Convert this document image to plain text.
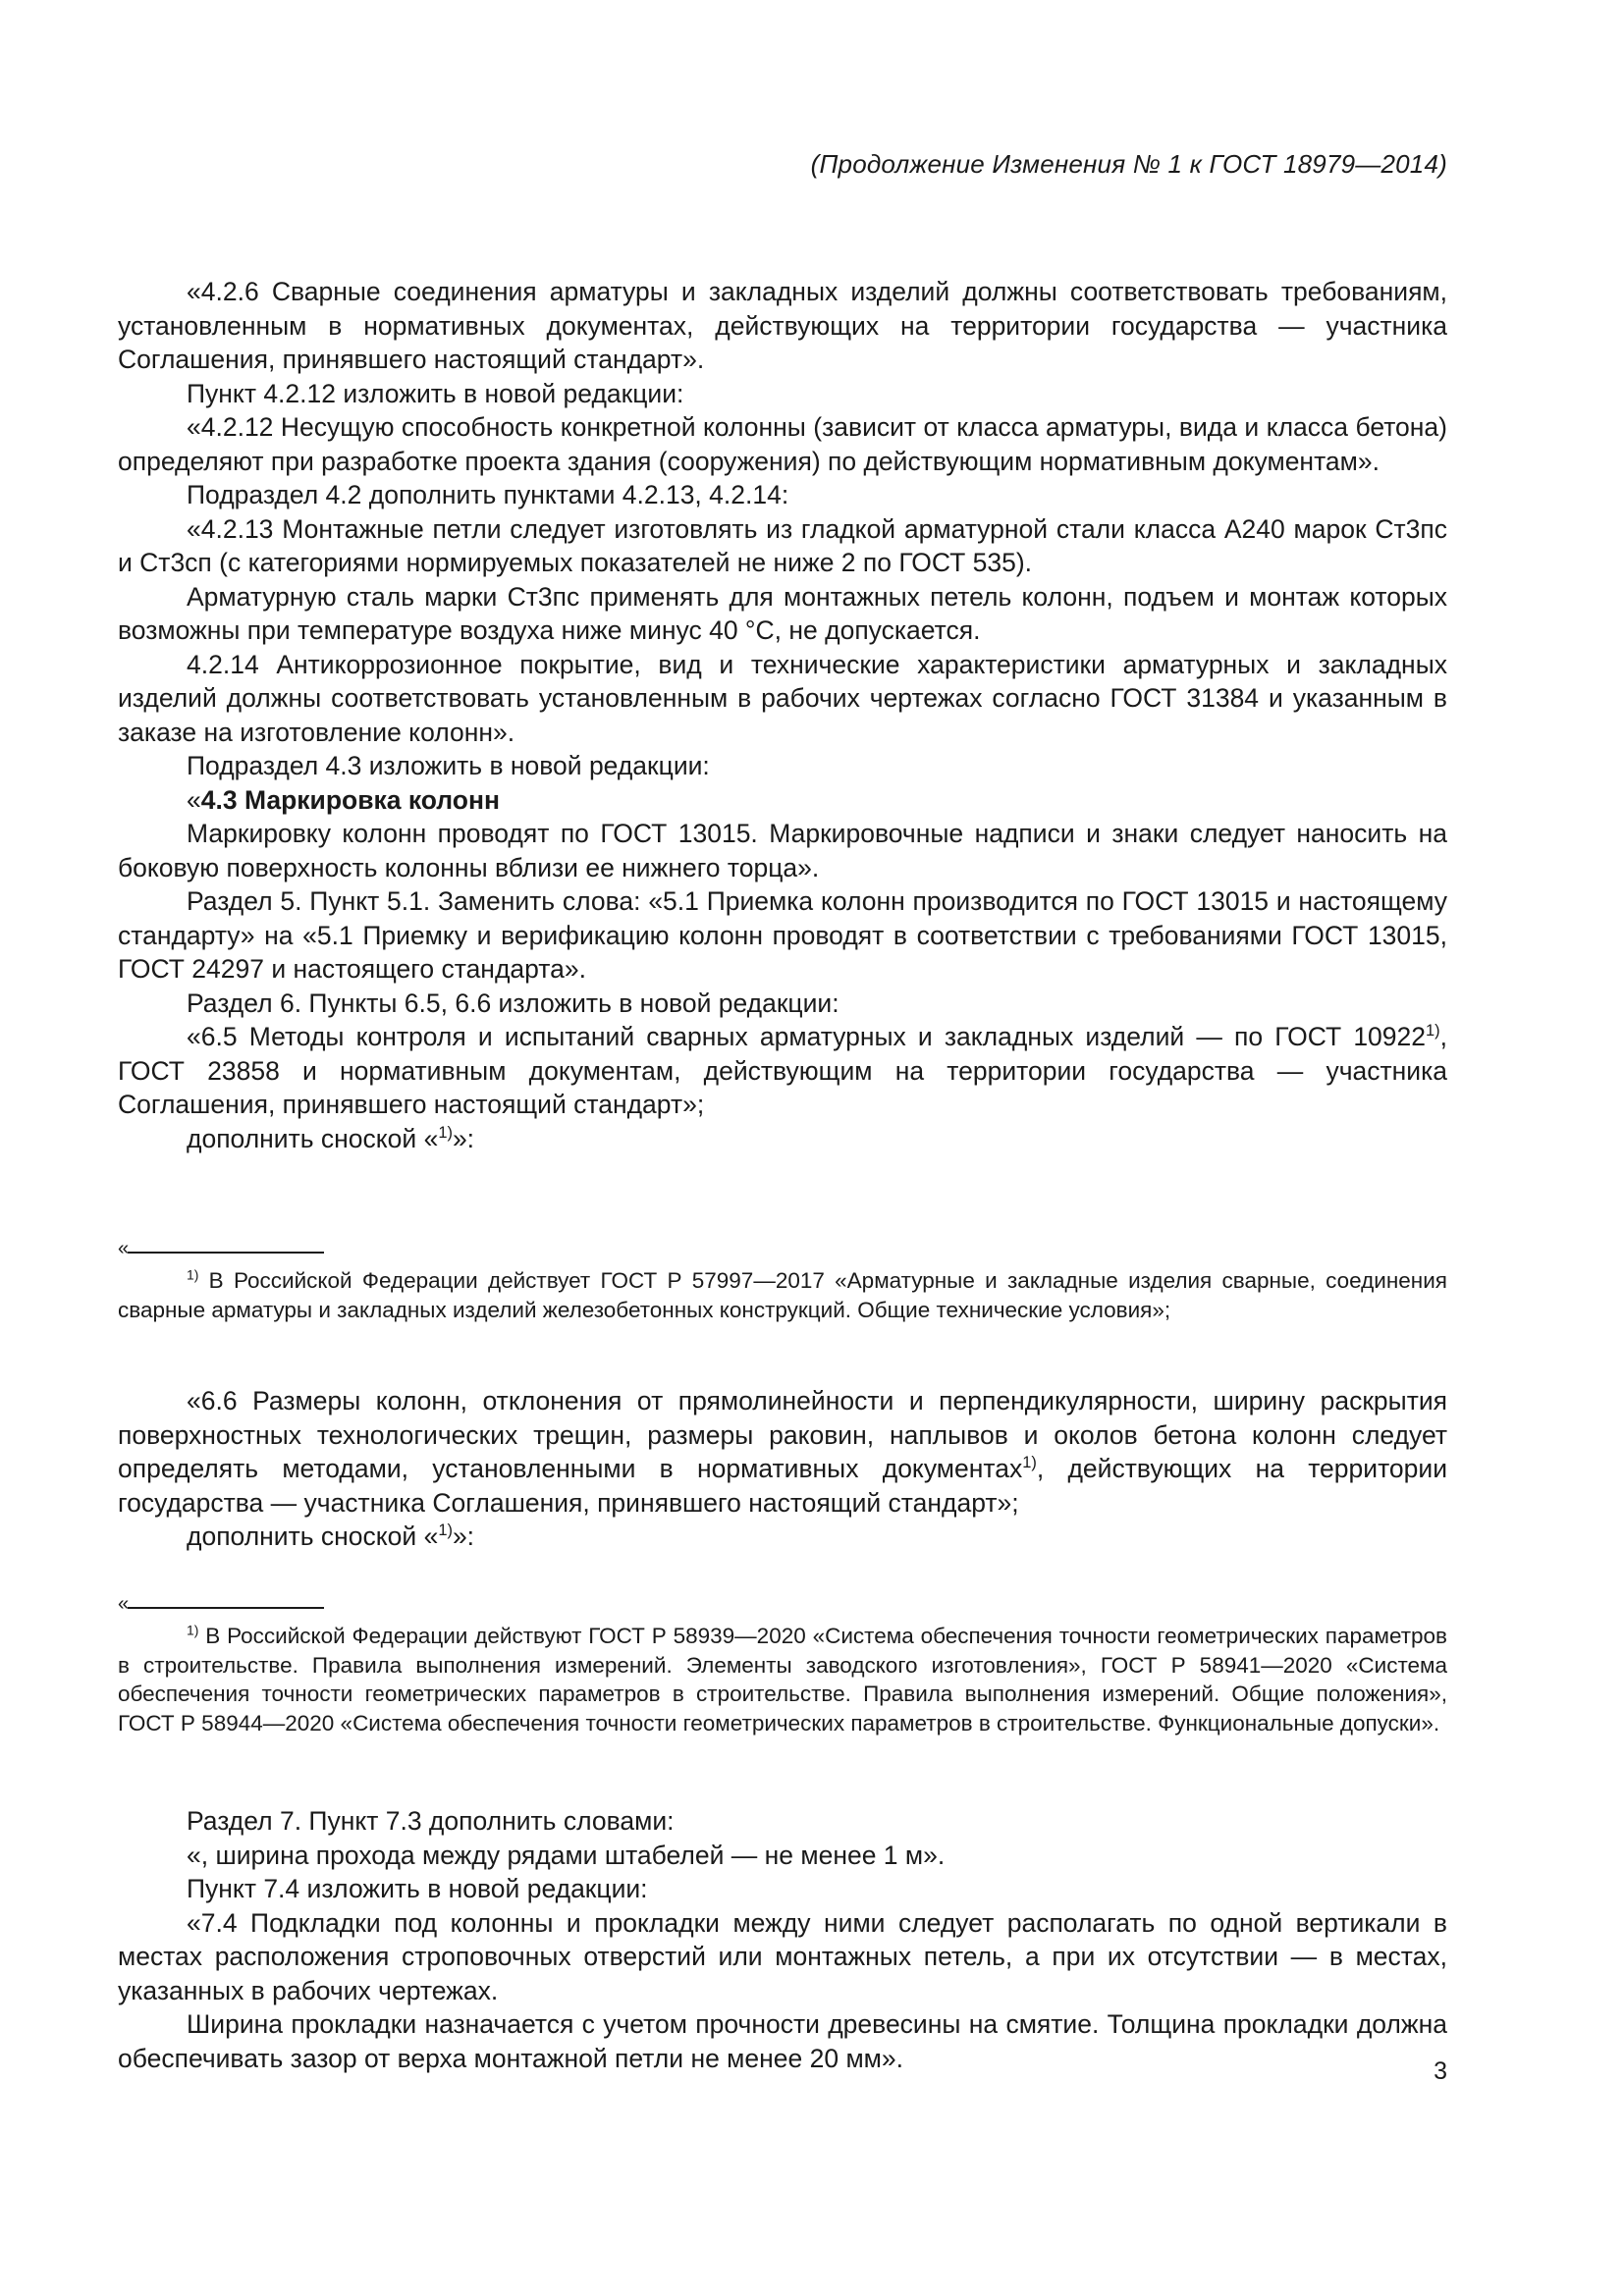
(Продолжение Изменения № 1 к ГОСТ 18979—2014)

«4.2.6 Сварные соединения арматуры и закладных изделий должны соответствовать требованиям, установленным в нормативных документах, действующих на территории государства — участника Соглашения, принявшего настоящий стандарт».

Пункт 4.2.12 изложить в новой редакции:

«4.2.12 Несущую способность конкретной колонны (зависит от класса арматуры, вида и класса бетона) определяют при разработке проекта здания (сооружения) по действующим нормативным документам».

Подраздел 4.2 дополнить пунктами 4.2.13, 4.2.14:

«4.2.13 Монтажные петли следует изготовлять из гладкой арматурной стали класса А240 марок Ст3пс и Ст3сп (с категориями нормируемых показателей не ниже 2 по ГОСТ 535).

Арматурную сталь марки Ст3пс применять для монтажных петель колонн, подъем и монтаж которых возможны при температуре воздуха ниже минус 40 °С, не допускается.

4.2.14 Антикоррозионное покрытие, вид и технические характеристики арматурных и закладных изделий должны соответствовать установленным в рабочих чертежах согласно ГОСТ 31384 и указанным в заказе на изготовление колонн».

Подраздел 4.3 изложить в новой редакции:

«4.3 Маркировка колонн

Маркировку колонн проводят по ГОСТ 13015. Маркировочные надписи и знаки следует наносить на боковую поверхность колонны вблизи ее нижнего торца».

Раздел 5. Пункт 5.1. Заменить слова: «5.1 Приемка колонн производится по ГОСТ 13015 и настоящему стандарту» на «5.1 Приемку и верификацию колонн проводят в соответствии с требованиями ГОСТ 13015, ГОСТ 24297 и настоящего стандарта».

Раздел 6. Пункты 6.5, 6.6 изложить в новой редакции:

«6.5 Методы контроля и испытаний сварных арматурных и закладных изделий — по ГОСТ 10922$^{1)}$, ГОСТ 23858 и нормативным документам, действующим на территории государства — участника Соглашения, принявшего настоящий стандарт»;

дополнить сноской «$^{1)}$»:

«

$^{1)}$ В Российской Федерации действует ГОСТ Р 57997—2017 «Арматурные и закладные изделия сварные, соединения сварные арматуры и закладных изделий железобетонных конструкций. Общие технические условия»;

«6.6 Размеры колонн, отклонения от прямолинейности и перпендикулярности, ширину раскрытия поверхностных технологических трещин, размеры раковин, наплывов и околов бетона колонн следует определять методами, установленными в нормативных документах$^{1)}$, действующих на территории государства — участника Соглашения, принявшего настоящий стандарт»;

дополнить сноской «$^{1)}$»:

«

$^{1)}$ В Российской Федерации действуют ГОСТ Р 58939—2020 «Система обеспечения точности геометрических параметров в строительстве. Правила выполнения измерений. Элементы заводского изготовления», ГОСТ Р 58941—2020 «Система обеспечения точности геометрических параметров в строительстве. Правила выполнения измерений. Общие положения», ГОСТ Р 58944—2020 «Система обеспечения точности геометрических параметров в строительстве. Функциональные допуски».

Раздел 7. Пункт 7.3 дополнить словами:

«, ширина прохода между рядами штабелей — не менее 1 м».

Пункт 7.4 изложить в новой редакции:

«7.4 Подкладки под колонны и прокладки между ними следует располагать по одной вертикали в местах расположения строповочных отверстий или монтажных петель, а при их отсутствии — в местах, указанных в рабочих чертежах.

Ширина прокладки назначается с учетом прочности древесины на смятие. Толщина прокладки должна обеспечивать зазор от верха монтажной петли не менее 20 мм».	3
